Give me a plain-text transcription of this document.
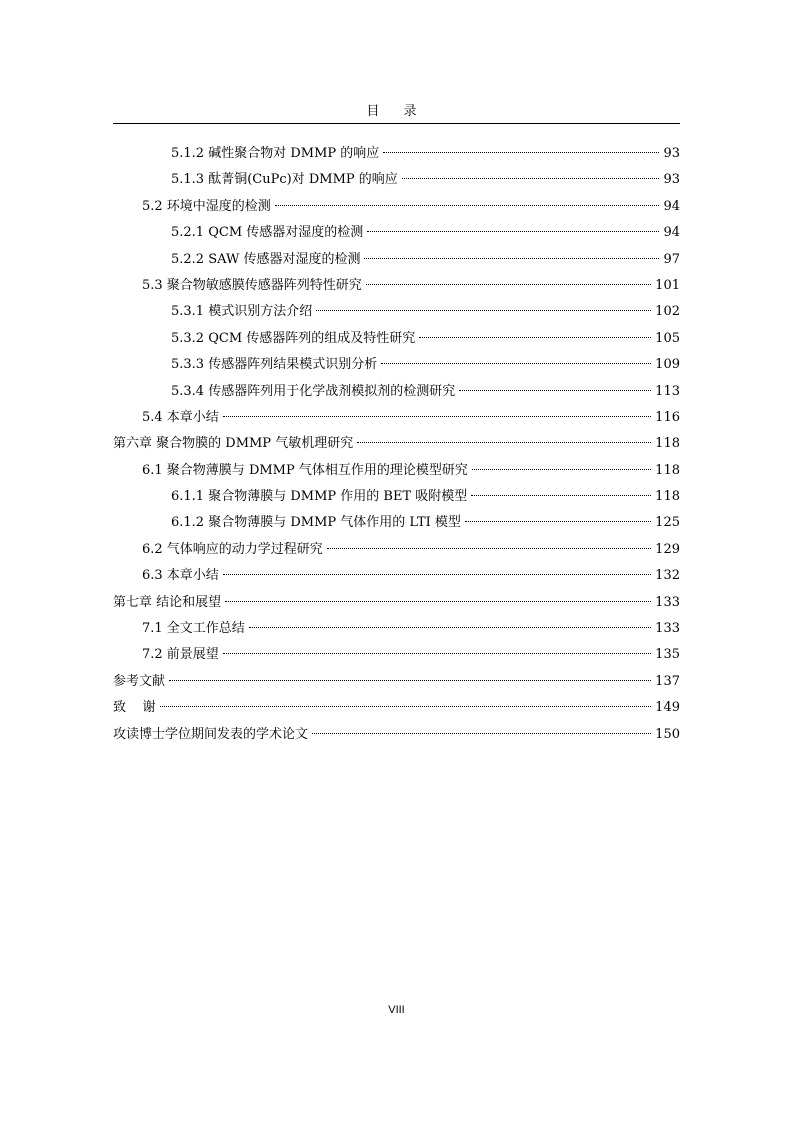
目 录
5.1.2 碱性聚合物对 DMMP 的响应	93
5.1.3 酞菁铜(CuPc)对 DMMP 的响应	93
5.2 环境中湿度的检测	94
5.2.1 QCM 传感器对湿度的检测	94
5.2.2 SAW 传感器对湿度的检测	97
5.3 聚合物敏感膜传感器阵列特性研究	101
5.3.1 模式识别方法介绍	102
5.3.2 QCM 传感器阵列的组成及特性研究	105
5.3.3 传感器阵列结果模式识别分析	109
5.3.4 传感器阵列用于化学战剂模拟剂的检测研究	113
5.4 本章小结	116
第六章 聚合物膜的 DMMP 气敏机理研究	118
6.1 聚合物薄膜与 DMMP 气体相互作用的理论模型研究	118
6.1.1 聚合物薄膜与 DMMP 作用的 BET 吸附模型	118
6.1.2 聚合物薄膜与 DMMP 气体作用的 LTI 模型	125
6.2 气体响应的动力学过程研究	129
6.3 本章小结	132
第七章 结论和展望	133
7.1 全文工作总结	133
7.2 前景展望	135
参考文献	137
致    谢	149
攻读博士学位期间发表的学术论文	150
VIII
